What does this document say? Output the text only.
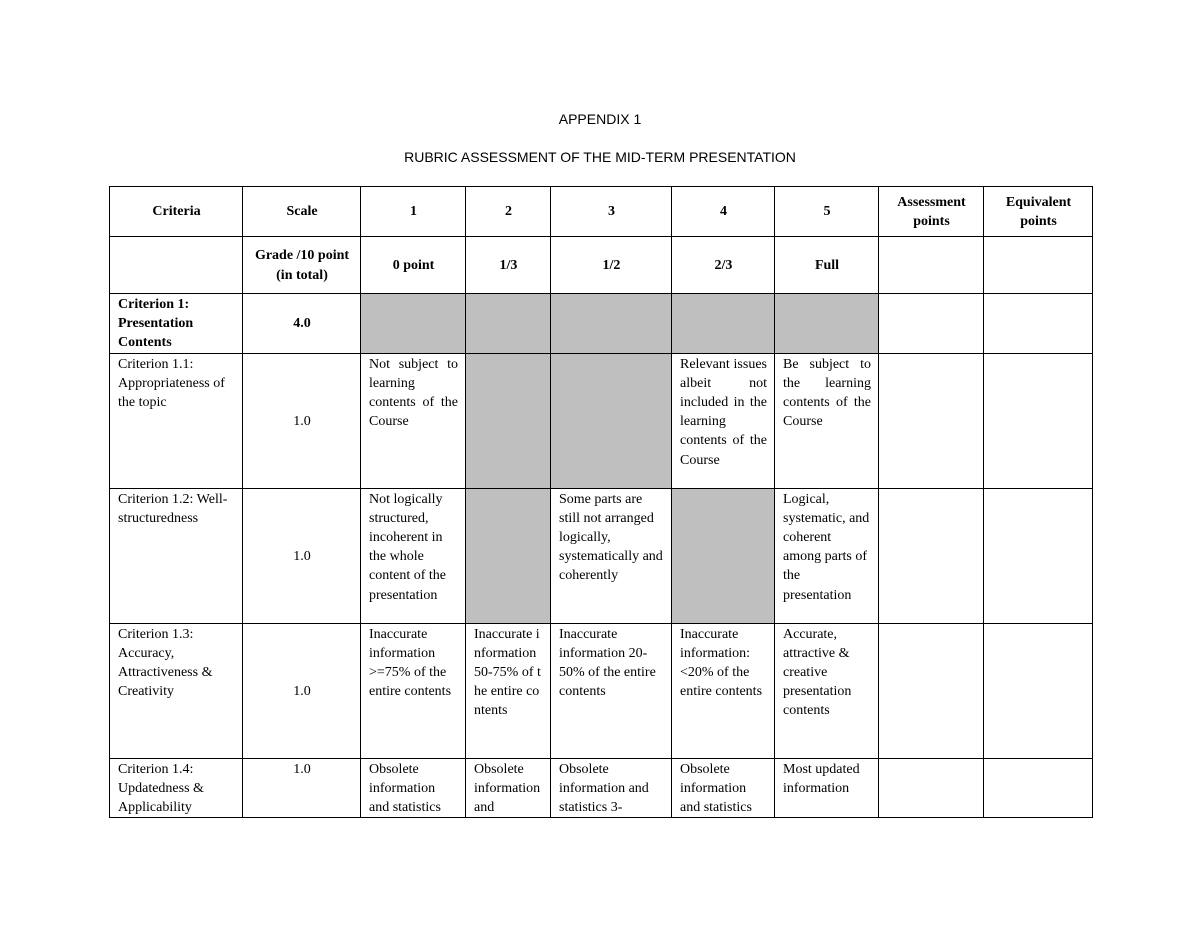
APPENDIX 1
RUBRIC ASSESSMENT OF THE MID-TERM PRESENTATION
Criteria	Scale	1	2	3	4	5	Assessment points	Equivalent points
	Grade /10 point (in total)	0 point	1/3	1/2	2/3	Full		
Criterion 1: Presentation Contents	4.0							
Criterion 1.1: Appropriateness of the topic	1.0	Not subject to learning contents of the Course			Relevant issues albeit not included in the learning contents of the Course	Be subject to the learning contents of the Course		
Criterion 1.2: Well-structuredness	1.0	Not logically structured, incoherent in the whole content of the presentation		Some parts are still not arranged logically, systematically and coherently		Logical, systematic, and coherent among parts of the presentation		
Criterion 1.3: Accuracy, Attractiveness & Creativity	1.0	Inaccurate information >=75% of the entire contents	Inaccurate information 50-75% of the entire contents	Inaccurate information 20-50% of the entire contents	Inaccurate information: <20% of the entire contents	Accurate, attractive & creative presentation contents		
Criterion 1.4: Updatedness & Applicability	1.0	Obsolete information and statistics	Obsolete information and	Obsolete information and statistics 3-	Obsolete information and statistics	Most updated information		
